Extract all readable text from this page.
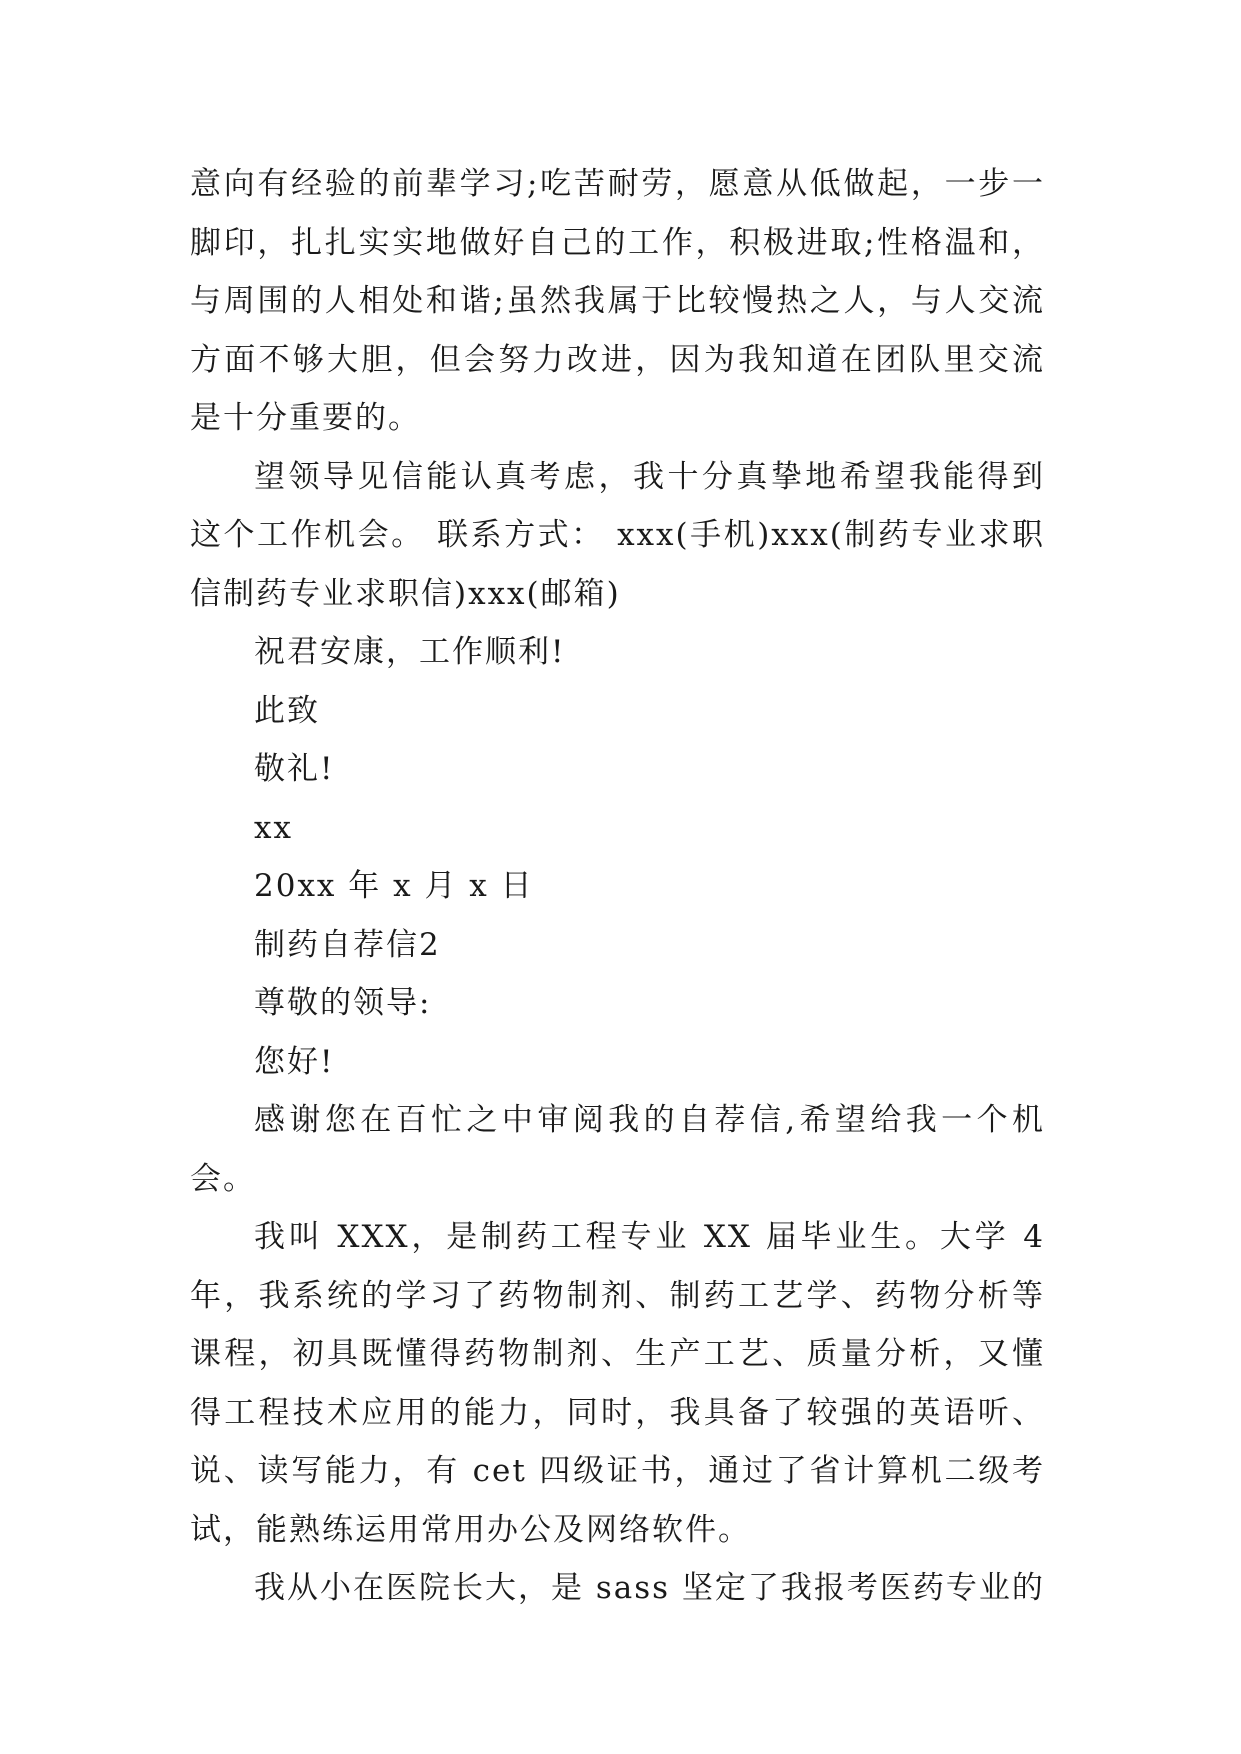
意向有经验的前辈学习;吃苦耐劳，愿意从低做起，一步一脚印，扎扎实实地做好自己的工作，积极进取;性格温和，与周围的人相处和谐;虽然我属于比较慢热之人，与人交流方面不够大胆，但会努力改进，因为我知道在团队里交流是十分重要的。

望领导见信能认真考虑，我十分真挚地希望我能得到这个工作机会。 联系方式： xxx(手机)xxx(制药专业求职信制药专业求职信)xxx(邮箱)

祝君安康，工作顺利!

此致

敬礼!

xx

20xx 年 x 月 x 日

制药自荐信2

尊敬的领导:

您好!

感谢您在百忙之中审阅我的自荐信,希望给我一个机会。

我叫 XXX，是制药工程专业 XX 届毕业生。大学 4 年，我系统的学习了药物制剂、制药工艺学、药物分析等课程，初具既懂得药物制剂、生产工艺、质量分析，又懂得工程技术应用的能力，同时，我具备了较强的英语听、说、读写能力，有 cet 四级证书，通过了省计算机二级考试，能熟练运用常用办公及网络软件。

我从小在医院长大，是 sass 坚定了我报考医药专业的
